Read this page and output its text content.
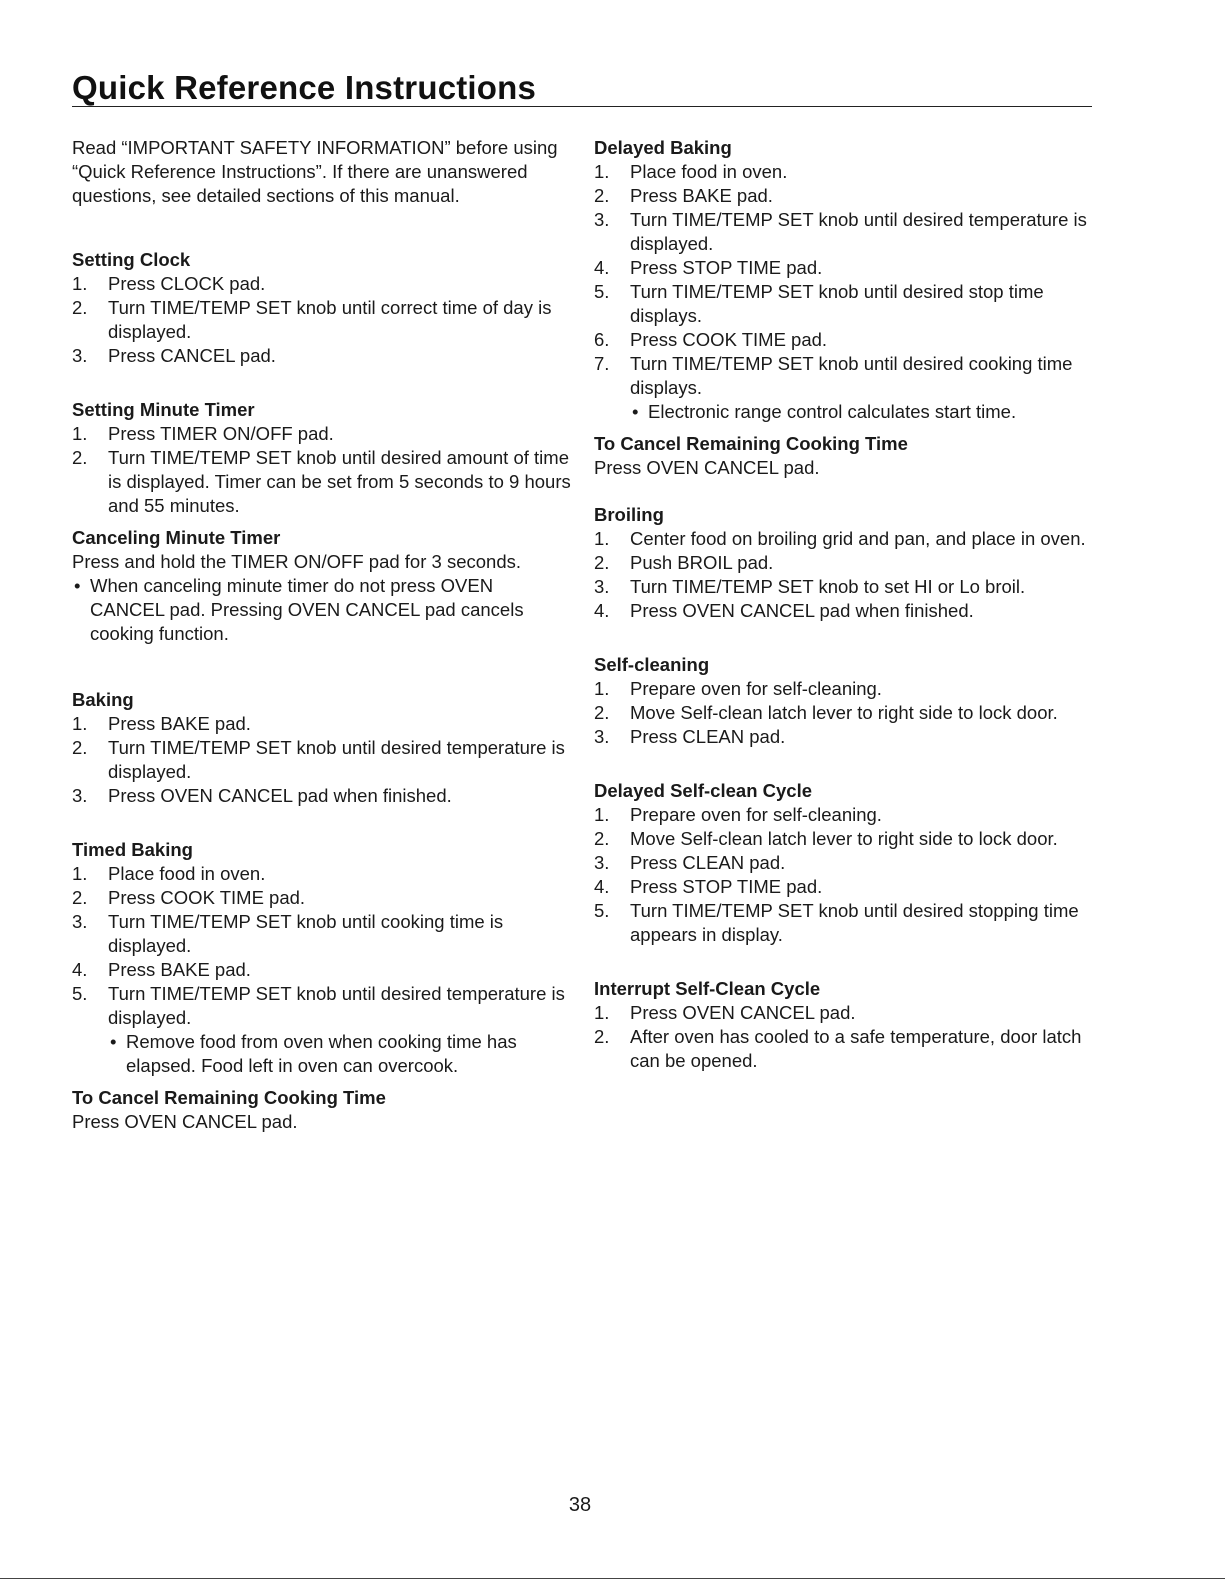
Quick Reference Instructions

Read “IMPORTANT SAFETY INFORMATION” before using “Quick Reference Instructions”. If there are unanswered questions, see detailed sections of this manual.

Setting Clock
1. Press CLOCK pad.
2. Turn TIME/TEMP SET knob until correct time of day is displayed.
3. Press CANCEL pad.
Setting Minute Timer
1. Press TIMER ON/OFF pad.
2. Turn TIME/TEMP SET knob until desired amount of time is displayed. Timer can be set from 5 seconds to 9 hours and 55 minutes.
Canceling Minute Timer

Press and hold the TIMER ON/OFF pad for 3 seconds.

• When canceling minute timer do not press OVEN CANCEL pad. Pressing OVEN CANCEL pad cancels cooking function.

Baking
1. Press BAKE pad.
2. Turn TIME/TEMP SET knob until desired temperature is displayed.
3. Press OVEN CANCEL pad when finished.
Timed Baking
1. Place food in oven.
2. Press COOK TIME pad.
3. Turn TIME/TEMP SET knob until cooking time is displayed.
4. Press BAKE pad.
5. Turn TIME/TEMP SET knob until desired temperature is displayed.
• Remove food from oven when cooking time has elapsed. Food left in oven can overcook.
To Cancel Remaining Cooking Time

Press OVEN CANCEL pad.

Delayed Baking
1. Place food in oven.
2. Press BAKE pad.
3. Turn TIME/TEMP SET knob until desired temperature is displayed.
4. Press STOP TIME pad.
5. Turn TIME/TEMP SET knob until desired stop time displays.
6. Press COOK TIME pad.
7. Turn TIME/TEMP SET knob until desired cooking time displays.
• Electronic range control calculates start time.
To Cancel Remaining Cooking Time

Press OVEN CANCEL pad.

Broiling
1. Center food on broiling grid and pan, and place in oven.
2. Push BROIL pad.
3. Turn TIME/TEMP SET knob to set HI or Lo broil.
4. Press OVEN CANCEL pad when finished.
Self-cleaning
1. Prepare oven for self-cleaning.
2. Move Self-clean latch lever to right side to lock door.
3. Press CLEAN pad.
Delayed Self-clean Cycle
1. Prepare oven for self-cleaning.
2. Move Self-clean latch lever to right side to lock door.
3. Press CLEAN pad.
4. Press STOP TIME pad.
5. Turn TIME/TEMP SET knob until desired stopping time appears in display.
Interrupt Self-Clean Cycle
1. Press OVEN CANCEL pad.
2. After oven has cooled to a safe temperature, door latch can be opened.
38
